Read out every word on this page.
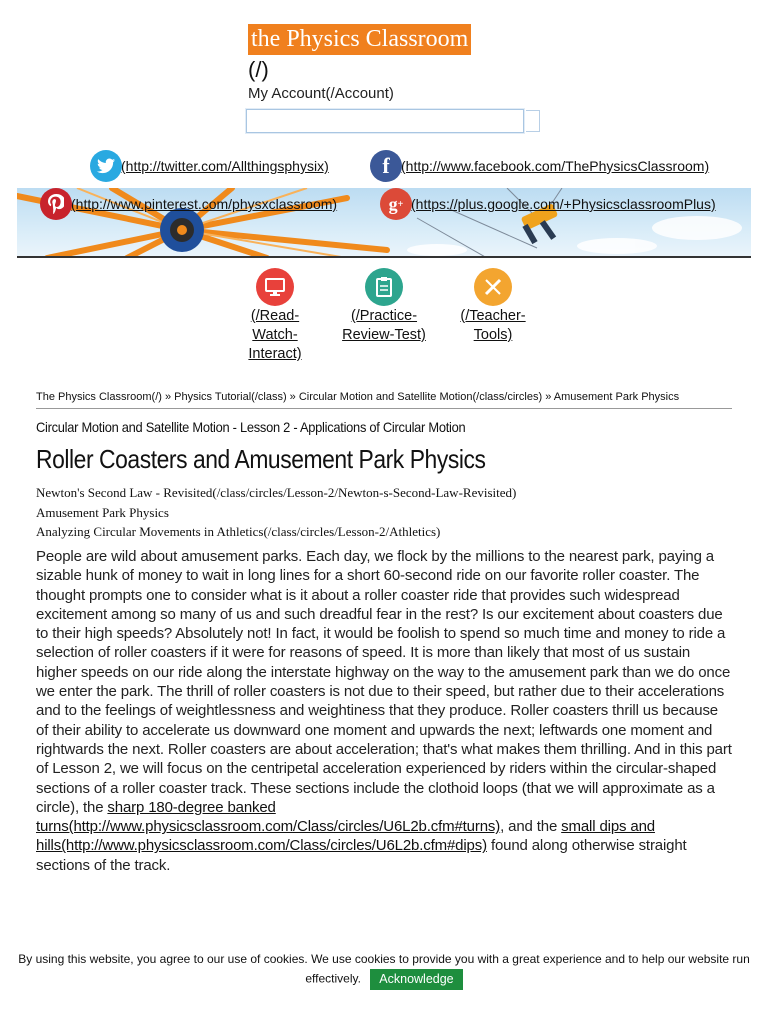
the Physics Classroom
(/)
My Account(/Account)
(http://twitter.com/Allthingsphysix)	f (http://www.facebook.com/ThePhysicsClassroom)
(http://www.pinterest.com/physxclassroom)	g + (https://plus.google.com/+PhysicsclassroomPlus)
(/Read-Watch-Interact)
(/Practice-Review-Test)
(/Teacher-Tools)
The Physics Classroom(/) » Physics Tutorial(/class) » Circular Motion and Satellite Motion(/class/circles) » Amusement Park Physics
Circular Motion and Satellite Motion - Lesson 2 - Applications of Circular Motion
Roller Coasters and Amusement Park Physics
Newton's Second Law - Revisited(/class/circles/Lesson-2/Newton-s-Second-Law-Revisited)
Amusement Park Physics
Analyzing Circular Movements in Athletics(/class/circles/Lesson-2/Athletics)

People are wild about amusement parks. Each day, we flock by the millions to the nearest park, paying a sizable hunk of money to wait in long lines for a short 60-second ride on our favorite roller coaster. The thought prompts one to consider what is it about a roller coaster ride that provides such widespread excitement among so many of us and such dreadful fear in the rest? Is our excitement about coasters due to their high speeds? Absolutely not! In fact, it would be foolish to spend so much time and money to ride a selection of roller coasters if it were for reasons of speed. It is more than likely that most of us sustain higher speeds on our ride along the interstate highway on the way to the amusement park than we do once we enter the park. The thrill of roller coasters is not due to their speed, but rather due to their accelerations and to the feelings of weightlessness and weightiness that they produce. Roller coasters thrill us because of their ability to accelerate us downward one moment and upwards the next; leftwards one moment and rightwards the next. Roller coasters are about acceleration; that's what makes them thrilling. And in this part of Lesson 2, we will focus on the centripetal acceleration experienced by riders within the circular-shaped sections of a roller coaster track. These sections include the clothoid loops (that we will approximate as a circle), the sharp 180-degree banked turns(http://www.physicsclassroom.com/Class/circles/U6L2b.cfm#turns), and the small dips and hills(http://www.physicsclassroom.com/Class/circles/U6L2b.cfm#dips) found along otherwise straight sections of the track.

By using this website, you agree to our use of cookies. We use cookies to provide you with a great experience and to help our website run effectively. Acknowledge
